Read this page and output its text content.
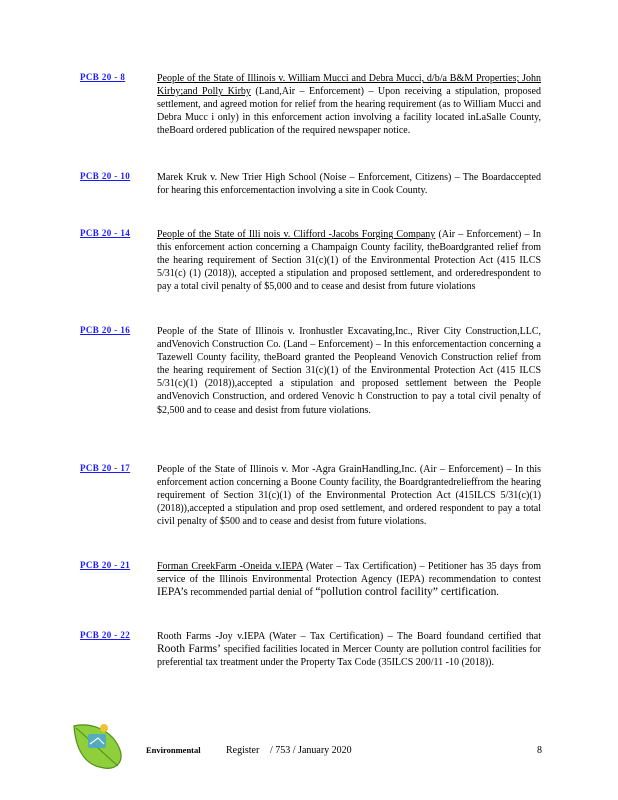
PCB 20 - 8	People of the State of Illinois v. William Mucci and Debra Mucci, d/b/a B&M Properties; John Kirby;and Polly Kirby (Land,Air – Enforcement) – Upon receiving a stipulation, proposed settlement, and agreed motion for relief from the hearing requirement (as to William Mucci and Debra Mucc i only) in this enforcement action involving a facility located inLaSalle County, theBoard ordered publication of the required newspaper notice.
PCB 20 - 10	Marek Kruk v. New Trier High School (Noise – Enforcement, Citizens) – The Boardaccepted for hearing this enforcementaction involving a site in Cook County.
PCB 20 - 14	People of the State of Illi nois v. Clifford -Jacobs Forging Company (Air – Enforcement) – In this enforcement action concerning a Champaign County facility, theBoardgranted relief from the hearing requirement of Section 31(c)(1) of the Environmental Protection Act (415 ILCS 5/31(c) (1) (2018)), accepted a stipulation and proposed settlement, and orderedrespondent to pay a total civil penalty of $5,000 and to cease and desist from future violations
PCB 20 - 16	People of the State of Illinois v. Ironhustler Excavating,Inc., River City Construction,LLC, andVenovich Construction Co. (Land – Enforcement) – In this enforcementaction concerning a Tazewell County facility, theBoard granted the Peopleand Venovich Construction relief from the hearing requirement of Section 31(c)(1) of the Environmental Protection Act (415 ILCS 5/31(c)(1) (2018)),accepted a stipulation and proposed settlement between the People andVenovich Construction, and ordered Venovic h Construction to pay a total civil penalty of $2,500 and to cease and desist from future violations.
PCB 20 - 17	People of the State of Illinois v. Mor -Agra GrainHandling,Inc. (Air – Enforcement) – In this enforcement action concerning a Boone County facility, the Boardgrantedrelieffrom the hearing requirement of Section 31(c)(1) of the Environmental Protection Act (415ILCS 5/31(c)(1) (2018)),accepted a stipulation and prop osed settlement, and ordered respondent to pay a total civil penalty of $500 and to cease and desist from future violations.
PCB 20 - 21	Forman CreekFarm -Oneida v.IEPA (Water – Tax Certification) – Petitioner has 35 days from service of the Illinois Environmental Protection Agency (IEPA) recommendation to contest IEPA’s recommended partial denial of “pollution control facility” certification.
PCB 20 - 22	Rooth Farms -Joy v.IEPA (Water – Tax Certification) – The Board foundand certified that Rooth Farms’ specified facilities located in Mercer County are pollution control facilities for preferential tax treatment under the Property Tax Code (35ILCS 200/11 -10 (2018)).
Environmental	Register / 753 / January 2020	8
